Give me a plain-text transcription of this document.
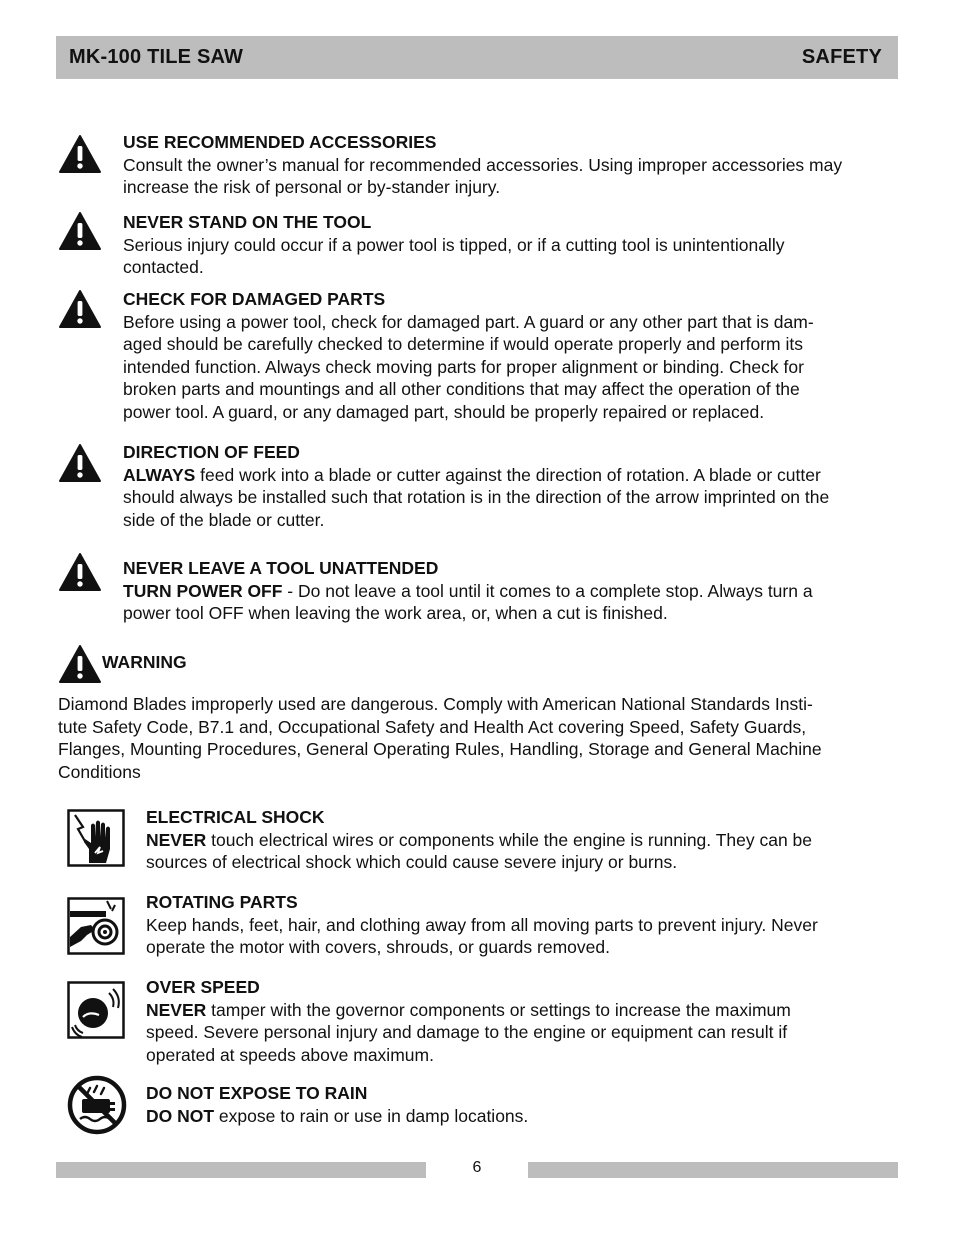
MK-100 TILE SAW	SAFETY

USE RECOMMENDED ACCESSORIES
Consult the owner’s manual for recommended accessories. Using improper accessories may
increase the risk of personal or by-stander injury.

NEVER STAND ON THE TOOL
Serious injury could occur if a power tool is tipped, or if a cutting tool is unintentionally
contacted.

CHECK FOR DAMAGED PARTS
Before using a power tool, check for damaged part. A guard or any other part that is dam-
aged should be carefully checked to determine if would operate properly and perform its
intended function. Always check moving parts for proper alignment or binding. Check for
broken parts and mountings and all other conditions that may affect the operation of the
power tool. A guard, or any damaged part, should be properly repaired or replaced.

DIRECTION OF FEED
ALWAYS feed work into a blade or cutter against the direction of rotation. A blade or cutter
should always be installed such that rotation is in the direction of the arrow imprinted on the
side of the blade or cutter.

NEVER LEAVE A TOOL UNATTENDED
TURN POWER OFF - Do not leave a tool until it comes to a complete stop. Always turn a
power tool OFF when leaving the work area, or, when a cut is finished.

WARNING

Diamond Blades improperly used are dangerous. Comply with American National Standards Insti-
tute Safety Code, B7.1 and, Occupational Safety and Health Act covering Speed, Safety Guards,
Flanges, Mounting Procedures, General Operating Rules, Handling, Storage and General Machine
Conditions

ELECTRICAL SHOCK
NEVER touch electrical wires or components while the engine is running. They can be
sources of electrical shock which could cause severe injury or burns.

ROTATING PARTS
Keep hands, feet, hair, and clothing away from all moving parts to prevent injury. Never
operate the motor with covers, shrouds, or guards removed.

OVER SPEED
NEVER tamper with the governor components or settings to increase the maximum
speed. Severe personal injury and damage to the engine or equipment can result if
operated at speeds above maximum.

DO NOT EXPOSE TO RAIN
DO NOT expose to rain or use in damp locations.

6
